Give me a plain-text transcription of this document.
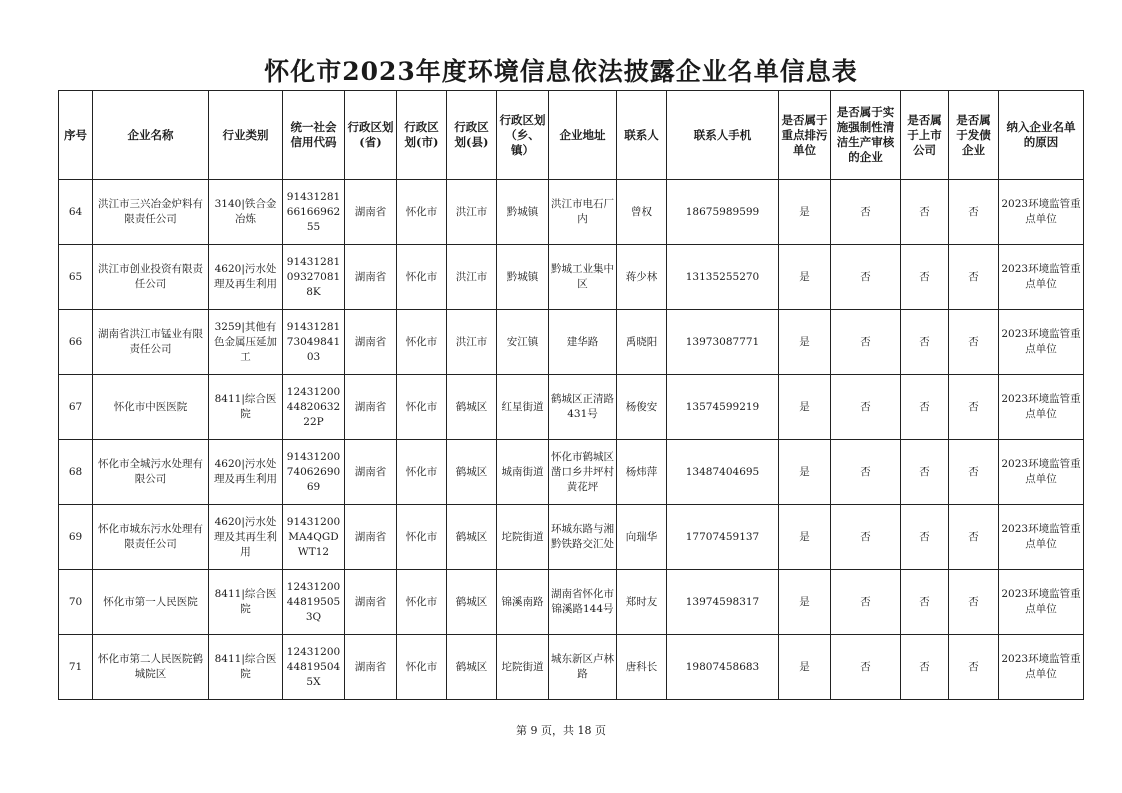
怀化市2023年度环境信息依法披露企业名单信息表
序号	企业名称	行业类别	统一社会信用代码	行政区划(省)	行政区划(市)	行政区划(县)	行政区划（乡、镇）	企业地址	联系人	联系人手机	是否属于重点排污单位	是否属于实施强制性清洁生产审核的企业	是否属于上市公司	是否属于发债企业	纳入企业名单的原因
64	洪江市三兴冶金炉料有限责任公司	3140|铁合金冶炼	914312816616696255	湖南省	怀化市	洪江市	黔城镇	洪江市电石厂内	曾权	18675989599	是	否	否	否	2023环境监管重点单位
65	洪江市创业投资有限责任公司	4620|污水处理及再生利用	91431281093270818K	湖南省	怀化市	洪江市	黔城镇	黔城工业集中区	蒋少林	13135255270	是	否	否	否	2023环境监管重点单位
66	湖南省洪江市锰业有限责任公司	3259|其他有色金属压延加工	914312817304984103	湖南省	怀化市	洪江市	安江镇	建华路	禹晓阳	13973087771	是	否	否	否	2023环境监管重点单位
67	怀化市中医医院	8411|综合医院	124312004482063222P	湖南省	怀化市	鹤城区	红星街道	鹤城区正清路431号	杨俊安	13574599219	是	否	否	否	2023环境监管重点单位
68	怀化市全城污水处理有限公司	4620|污水处理及再生利用	914312007406269069	湖南省	怀化市	鹤城区	城南街道	怀化市鹤城区凿口乡井坪村黄花坪	杨炜萍	13487404695	是	否	否	否	2023环境监管重点单位
69	怀化市城东污水处理有限责任公司	4620|污水处理及其再生利用	91431200MA4QGDWT12	湖南省	怀化市	鹤城区	坨院街道	环城东路与湘黔铁路交汇处	向瑞华	17707459137	是	否	否	否	2023环境监管重点单位
70	怀化市第一人民医院	8411|综合医院	12431200448195053Q	湖南省	怀化市	鹤城区	锦溪南路	湖南省怀化市锦溪路144号	郑时友	13974598317	是	否	否	否	2023环境监管重点单位
71	怀化市第二人民医院鹤城院区	8411|综合医院	12431200448195045X	湖南省	怀化市	鹤城区	坨院街道	城东新区卢林路	唐科长	19807458683	是	否	否	否	2023环境监管重点单位
第 9 页，共 18 页
